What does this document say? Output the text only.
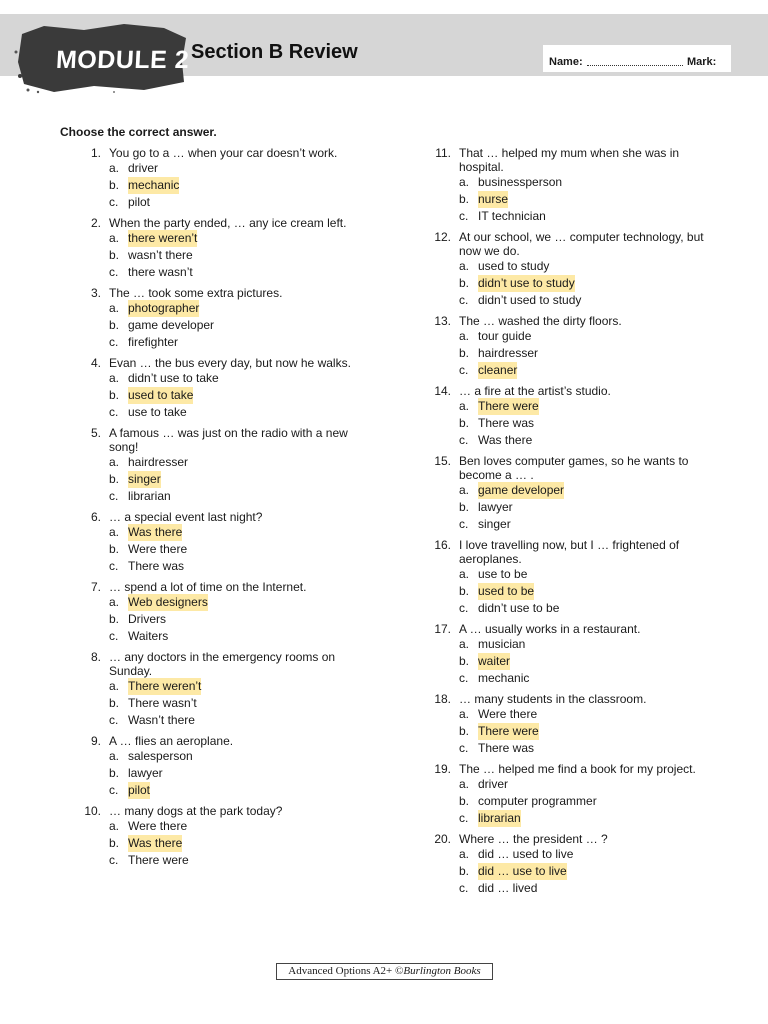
MODULE 2 Section B Review	Name:	Mark:
Choose the correct answer.
1. You go to a … when your car doesn’t work.
a. driver
b. mechanic
c. pilot
2. When the party ended, … any ice cream left.
a. there weren’t
b. wasn’t there
c. there wasn’t
3. The … took some extra pictures.
a. photographer
b. game developer
c. firefighter
4. Evan … the bus every day, but now he walks.
a. didn’t use to take
b. used to take
c. use to take
5. A famous … was just on the radio with a new song!
a. hairdresser
b. singer
c. librarian
6. … a special event last night?
a. Was there
b. Were there
c. There was
7. … spend a lot of time on the Internet.
a. Web designers
b. Drivers
c. Waiters
8. … any doctors in the emergency rooms on Sunday.
a. There weren’t
b. There wasn’t
c. Wasn’t there
9. A … flies an aeroplane.
a. salesperson
b. lawyer
c. pilot
10. … many dogs at the park today?
a. Were there
b. Was there
c. There were
11. That … helped my mum when she was in hospital.
a. businessperson
b. nurse
c. IT technician
12. At our school, we … computer technology, but now we do.
a. used to study
b. didn’t use to study
c. didn’t used to study
13. The … washed the dirty floors.
a. tour guide
b. hairdresser
c. cleaner
14. … a fire at the artist’s studio.
a. There were
b. There was
c. Was there
15. Ben loves computer games, so he wants to become a … .
a. game developer
b. lawyer
c. singer
16. I love travelling now, but I … frightened of aeroplanes.
a. use to be
b. used to be
c. didn’t use to be
17. A … usually works in a restaurant.
a. musician
b. waiter
c. mechanic
18. … many students in the classroom.
a. Were there
b. There were
c. There was
19. The … helped me find a book for my project.
a. driver
b. computer programmer
c. librarian
20. Where … the president … ?
a. did … used to live
b. did … use to live
c. did … lived
Advanced Options A2+ ©Burlington Books
